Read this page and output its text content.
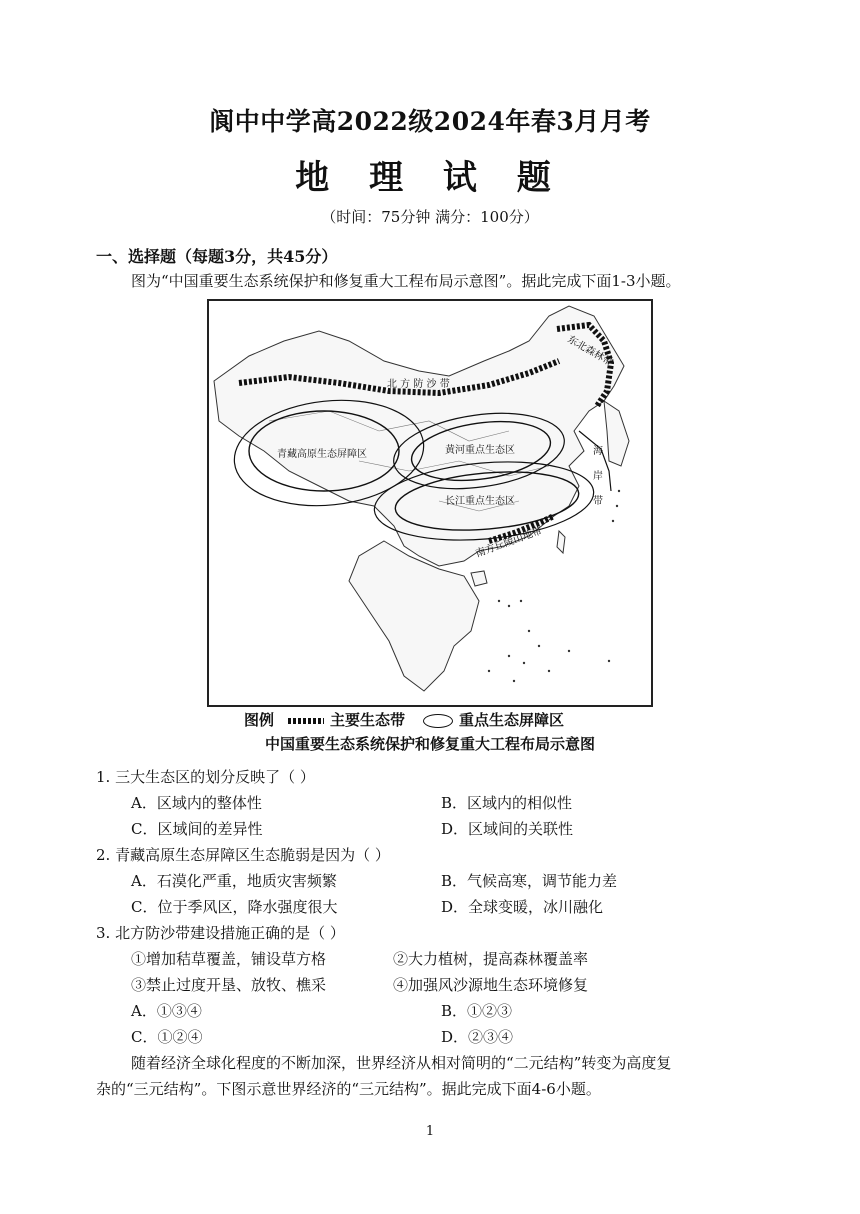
阆中中学高2022级2024年春3月月考
地 理 试 题
（时间：75分钟 满分：100分）
一、选择题（每题3分，共45分）
图为“中国重要生态系统保护和修复重大工程布局示意图”。据此完成下面1-3小题。
东北森林带
北 方 防 沙 带
青藏高原生态屏障区	黄河重点生态区
长江重点生态区
海
岸
带
南方丘陵山地带
图例	主要生态带	重点生态屏障区
中国重要生态系统保护和修复重大工程布局示意图
1. 三大生态区的划分反映了（ ）
A．区域内的整体性	B．区域内的相似性
C．区域间的差异性	D．区域间的关联性
2. 青藏高原生态屏障区生态脆弱是因为（ ）
A．石漠化严重，地质灾害频繁	B．气候高寒，调节能力差
C．位于季风区，降水强度很大	D．全球变暖，冰川融化
3. 北方防沙带建设措施正确的是（ ）
①增加秸草覆盖，铺设草方格	②大力植树，提高森林覆盖率
③禁止过度开垦、放牧、樵采	④加强风沙源地生态环境修复
A．①③④	B．①②③
C．①②④	D．②③④
随着经济全球化程度的不断加深，世界经济从相对简明的“二元结构”转变为高度复
杂的“三元结构”。下图示意世界经济的“三元结构”。据此完成下面4-6小题。
1
